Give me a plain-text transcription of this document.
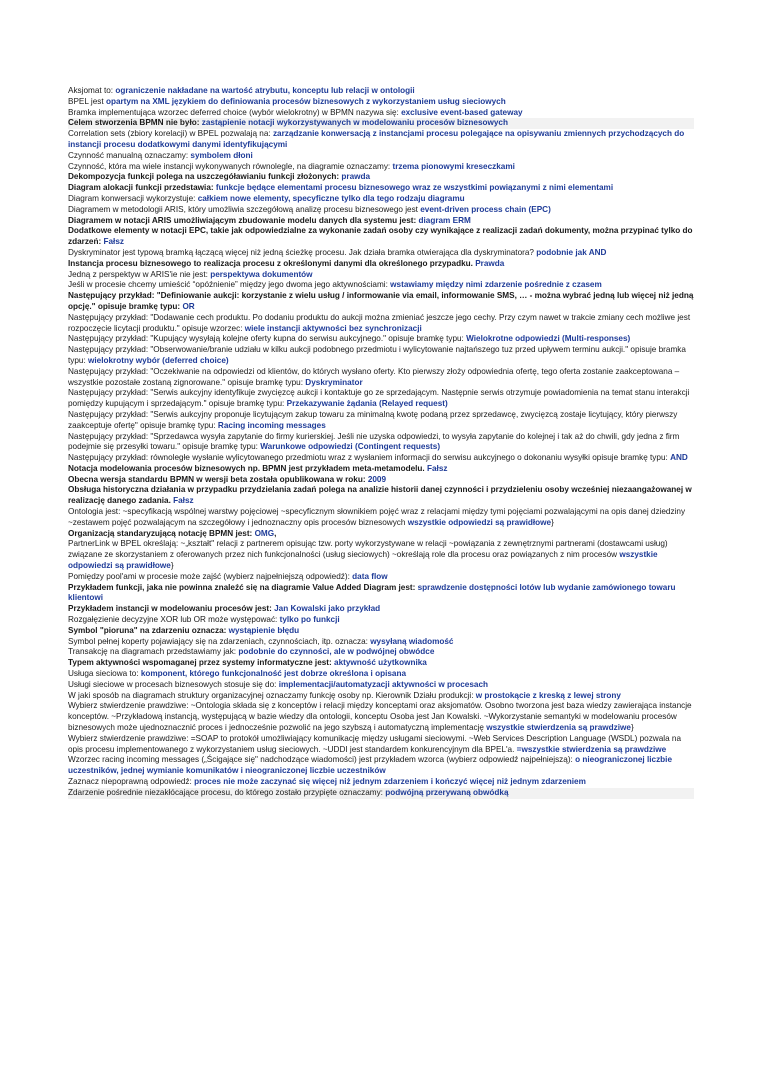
Aksjomat to: ograniczenie nakładane na wartość atrybutu, konceptu lub relacji w ontologii

BPEL jest opartym na XML językiem do definiowania procesów biznesowych z wykorzystaniem usług sieciowych

Bramka implementująca wzorzec deferred choice (wybór wielokrotny) w BPMN nazywa się: exclusive event-based gateway

Celem stworzenia BPMN nie było: zastąpienie notacji wykorzystywanych w modelowaniu procesów biznesowych

Correlation sets (zbiory korelacji) w BPEL pozwalają na: zarządzanie konwersacją z instancjami procesu polegające na opisywaniu zmiennych przychodzących do instancji procesu dodatkowymi danymi identyfikującymi

Czynność manualną oznaczamy: symbolem dłoni

Czynność, która ma wiele instancji wykonywanych równolegle, na diagramie oznaczamy: trzema pionowymi kreseczkami

Dekompozycja funkcji polega na uszczegóławianiu funkcji złożonych: prawda

Diagram alokacji funkcji przedstawia: funkcje będące elementami procesu biznesowego wraz ze wszystkimi powiązanymi z nimi elementami

Diagram konwersacji wykorzystuje: całkiem nowe elementy, specyficzne tylko dla tego rodzaju diagramu

Diagramem w metodologii ARIS, który umożliwia szczegółową analizę procesu biznesowego jest event-driven process chain (EPC)

Diagramem w notacji ARIS umożliwiającym zbudowanie modelu danych dla systemu jest: diagram ERM

Dodatkowe elementy w notacji EPC, takie jak odpowiedzialne za wykonanie zadań osoby czy wynikające z realizacji zadań dokumenty, można przypinać tylko do zdarzeń: Fałsz

Dyskryminator jest typową bramką łączącą więcej niż jedną ścieżkę procesu. Jak działa bramka otwierająca dla dyskryminatora? podobnie jak AND

Instancja procesu biznesowego to realizacja procesu z określonymi danymi dla określonego przypadku. Prawda

Jedną z perspektyw w ARIS'ie nie jest: perspektywa dokumentów

Jeśli w procesie chcemy umieścić “opóźnienie” między jego dwoma jego aktywnościami: wstawiamy między nimi zdarzenie pośrednie z czasem

Następujący przykład: "Definiowanie aukcji: korzystanie z wielu usług / informowanie via email, informowanie SMS, … - można wybrać jedną lub więcej niż jedną opcję." opisuje bramkę typu: OR

Następujący przykład: "Dodawanie cech produktu. Po dodaniu produktu do aukcji można zmieniać jeszcze jego cechy. Przy czym nawet w trakcie zmiany cech możliwe jest rozpoczęcie licytacji produktu." opisuje wzorzec: wiele instancji aktywności bez synchronizacji

Następujący przykład: "Kupujący wysyłają kolejne oferty kupna do serwisu aukcyjnego." opisuje bramkę typu: Wielokrotne odpowiedzi (Multi-responses)

Następujący przykład: "Obserwowanie/branie udziału w kilku aukcji podobnego przedmiotu i wylicytowanie najtańszego tuz przed upływem terminu aukcji." opisuje bramka typu: wielokrotny wybór (deferred choice)

Następujący przykład: "Oczekiwanie na odpowiedzi od klientów, do których wysłano oferty. Kto pierwszy złoży odpowiednia ofertę, tego oferta zostanie zaakceptowana – wszystkie pozostałe zostaną zignorowane." opisuje bramkę typu: Dyskryminator

Następujący przykład: "Serwis aukcyjny identyfikuje zwycięzcę aukcji i kontaktuje go ze sprzedającym. Następnie serwis otrzymuje powiadomienia na temat stanu interakcji pomiędzy kupującym i sprzedającym." opisuje bramkę typu: Przekazywanie żądania (Relayed request)

Następujący przykład: "Serwis aukcyjny proponuje licytującym zakup towaru za minimalną kwotę podaną przez sprzedawcę, zwycięzcą zostaje licytujący, który pierwszy zaakceptuje ofertę" opisuje bramkę typu: Racing incoming messages

Następujący przykład: "Sprzedawca wysyła zapytanie do firmy kurierskiej. Jeśli nie uzyska odpowiedzi, to wysyła zapytanie do kolejnej i tak aż do chwili, gdy jedna z firm podejmie się przesyłki towaru." opisuje bramkę typu: Warunkowe odpowiedzi (Contingent requests)

Następujący przykład: równoległe wysłanie wylicytowanego przedmiotu wraz z wysłaniem informacji do serwisu aukcyjnego o dokonaniu wysyłki opisuje bramkę typu: AND

Notacja modelowania procesów biznesowych np. BPMN jest przykładem meta-metamodelu. Fałsz

Obecna wersja standardu BPMN w wersji beta została opublikowana w roku: 2009

Obsługa historyczna działania w przypadku przydzielania zadań polega na analizie historii danej czynności i przydzieleniu osoby wcześniej niezaangażowanej w realizację danego zadania. Fałsz

Ontologia jest: ~specyfikacją wspólnej warstwy pojęciowej ~specyficznym słownikiem pojęć wraz z relacjami między tymi pojęciami pozwalającymi na opis danej dziedziny ~zestawem pojęć pozwalającym na szczegółowy i jednoznaczny opis procesów biznesowych wszystkie odpowiedzi są prawidłowe}

Organizacją standaryzującą notację BPMN jest: OMG,

PartnerLink w BPEL określają: ~„kształt" relacji z partnerem opisując tzw. porty wykorzystywane w relacji ~powiązania z zewnętrznymi partnerami (dostawcami usług) związane ze skorzystaniem z oferowanych przez nich funkcjonalności (usług sieciowych) ~określają role dla procesu oraz powiązanych z nim procesów wszystkie odpowiedzi są prawidłowe}

Pomiędzy pool'ami w procesie może zajść (wybierz najpełniejszą odpowiedź): data flow

Przykładem funkcji, jaka nie powinna znaleźć się na diagramie Value Added Diagram jest: sprawdzenie dostępności lotów lub wydanie zamówionego towaru klientowi

Przykładem instancji w modelowaniu procesów jest: Jan Kowalski jako przykład

Rozgałęzienie decyzyjne XOR lub OR może występować: tylko po funkcji

Symbol "pioruna" na zdarzeniu oznacza: wystąpienie błędu

Symbol pełnej koperty pojawiający się na zdarzeniach, czynnościach, itp. oznacza: wysyłaną wiadomość

Transakcję na diagramach przedstawiamy jak: podobnie do czynności, ale w podwójnej obwódce

Typem aktywności wspomaganej przez systemy informatyczne jest: aktywność użytkownika

Usługa sieciowa to: komponent, którego funkcjonalność jest dobrze określona i opisana

Usługi sieciowe w procesach biznesowych stosuje się do: implementacji/automatyzacji aktywności w procesach

W jaki sposób na diagramach struktury organizacyjnej oznaczamy funkcję osoby np. Kierownik Działu produkcji: w prostokącie z kreską z lewej strony

Wybierz stwierdzenie prawdziwe: ~Ontologia składa się z konceptów i relacji między konceptami oraz aksjomatów. Osobno tworzona jest baza wiedzy zawierająca instancje konceptów. ~Przykładową instancją, występującą w bazie wiedzy dla ontologii, konceptu Osoba jest Jan Kowalski. ~Wykorzystanie semantyki w modelowaniu procesów biznesowych może ujednoznacznić proces i jednocześnie pozwolić na jego szybszą i automatyczną implementację wszystkie stwierdzenia są prawdziwe}

Wybierz stwierdzenie prawdziwe: =SOAP to protokół umożliwiający komunikację między usługami sieciowymi. ~Web Services Description Language (WSDL) pozwala na opis procesu implementowanego z wykorzystaniem usług sieciowych. ~UDDI jest standardem konkurencyjnym dla BPEL'a. =wszystkie stwierdzenia są prawdziwe

Wzorzec racing incoming messages („Ścigające się" nadchodzące wiadomości) jest przykładem wzorca (wybierz odpowiedź najpełniejszą): o nieograniczonej liczbie uczestników, jednej wymianie komunikatów i nieograniczonej liczbie uczestników

Zaznacz niepoprawną odpowiedź: proces nie może zaczynać się więcej niż jednym zdarzeniem i kończyć więcej niż jednym zdarzeniem

Zdarzenie pośrednie niezakłócające procesu, do którego zostało przypięte oznaczamy: podwójną przerywaną obwódką
